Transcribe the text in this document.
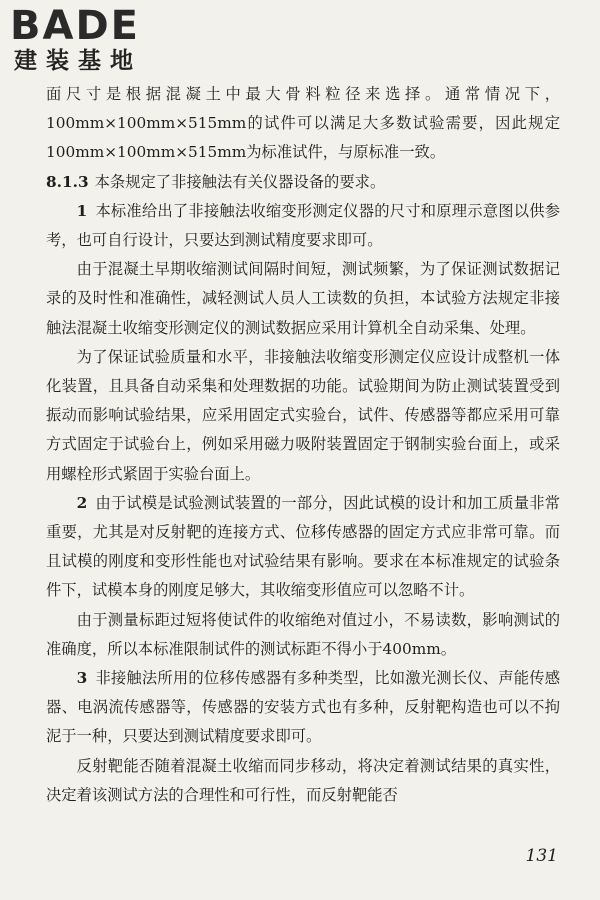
BADE
建装基地

面尺寸是根据混凝土中最大骨料粒径来选择。通常情况下，100mm×100mm×515mm的试件可以满足大多数试验需要，因此规定100mm×100mm×515mm为标准试件，与原标准一致。

8.1.3 本条规定了非接触法有关仪器设备的要求。

1 本标准给出了非接触法收缩变形测定仪器的尺寸和原理示意图以供参考，也可自行设计，只要达到测试精度要求即可。

由于混凝土早期收缩测试间隔时间短，测试频繁，为了保证测试数据记录的及时性和准确性，减轻测试人员人工读数的负担，本试验方法规定非接触法混凝土收缩变形测定仪的测试数据应采用计算机全自动采集、处理。

为了保证试验质量和水平，非接触法收缩变形测定仪应设计成整机一体化装置，且具备自动采集和处理数据的功能。试验期间为防止测试装置受到振动而影响试验结果，应采用固定式实验台，试件、传感器等都应采用可靠方式固定于试验台上，例如采用磁力吸附装置固定于钢制实验台面上，或采用螺栓形式紧固于实验台面上。

2 由于试模是试验测试装置的一部分，因此试模的设计和加工质量非常重要，尤其是对反射靶的连接方式、位移传感器的固定方式应非常可靠。而且试模的刚度和变形性能也对试验结果有影响。要求在本标准规定的试验条件下，试模本身的刚度足够大，其收缩变形值应可以忽略不计。

由于测量标距过短将使试件的收缩绝对值过小，不易读数，影响测试的准确度，所以本标准限制试件的测试标距不得小于400mm。

3 非接触法所用的位移传感器有多种类型，比如激光测长仪、声能传感器、电涡流传感器等，传感器的安装方式也有多种，反射靶构造也可以不拘泥于一种，只要达到测试精度要求即可。

反射靶能否随着混凝土收缩而同步移动，将决定着测试结果的真实性，决定着该测试方法的合理性和可行性，而反射靶能否

131
